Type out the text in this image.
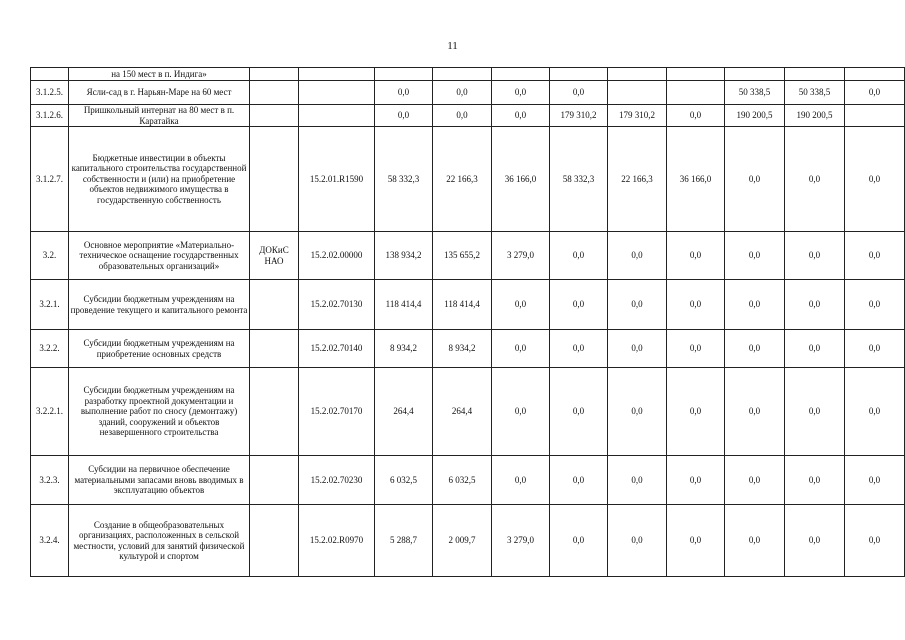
11
	на 150 мест в п. Индига»											
3.1.2.5.	Ясли-сад в г. Нарьян-Маре на 60 мест			0,0	0,0	0,0	0,0			50 338,5	50 338,5	0,0
3.1.2.6.	Пришкольный интернат на 80 мест в п. Каратайка			0,0	0,0	0,0	179 310,2	179 310,2	0,0	190 200,5	190 200,5	
3.1.2.7.	Бюджетные инвестиции в объекты капитального строительства государственной собственности и (или) на приобретение объектов недвижимого имущества в государственную собственность		15.2.01.R1590	58 332,3	22 166,3	36 166,0	58 332,3	22 166,3	36 166,0	0,0	0,0	0,0
3.2.	Основное мероприятие «Материально-техническое оснащение государственных образовательных организаций»	ДОКиС НАО	15.2.02.00000	138 934,2	135 655,2	3 279,0	0,0	0,0	0,0	0,0	0,0	0,0
3.2.1.	Субсидии бюджетным учреждениям на проведение текущего и капитального ремонта		15.2.02.70130	118 414,4	118 414,4	0,0	0,0	0,0	0,0	0,0	0,0	0,0
3.2.2.	Субсидии бюджетным учреждениям на приобретение основных средств		15.2.02.70140	8 934,2	8 934,2	0,0	0,0	0,0	0,0	0,0	0,0	0,0
3.2.2.1.	Субсидии бюджетным учреждениям на разработку проектной документации и выполнение работ по сносу (демонтажу) зданий, сооружений и объектов незавершенного строительства		15.2.02.70170	264,4	264,4	0,0	0,0	0,0	0,0	0,0	0,0	0,0
3.2.3.	Субсидии на первичное обеспечение материальными запасами вновь вводимых в эксплуатацию объектов		15.2.02.70230	6 032,5	6 032,5	0,0	0,0	0,0	0,0	0,0	0,0	0,0
3.2.4.	Создание в общеобразовательных организациях, расположенных в сельской местности, условий для занятий физической культурой и спортом		15.2.02.R0970	5 288,7	2 009,7	3 279,0	0,0	0,0	0,0	0,0	0,0	0,0
